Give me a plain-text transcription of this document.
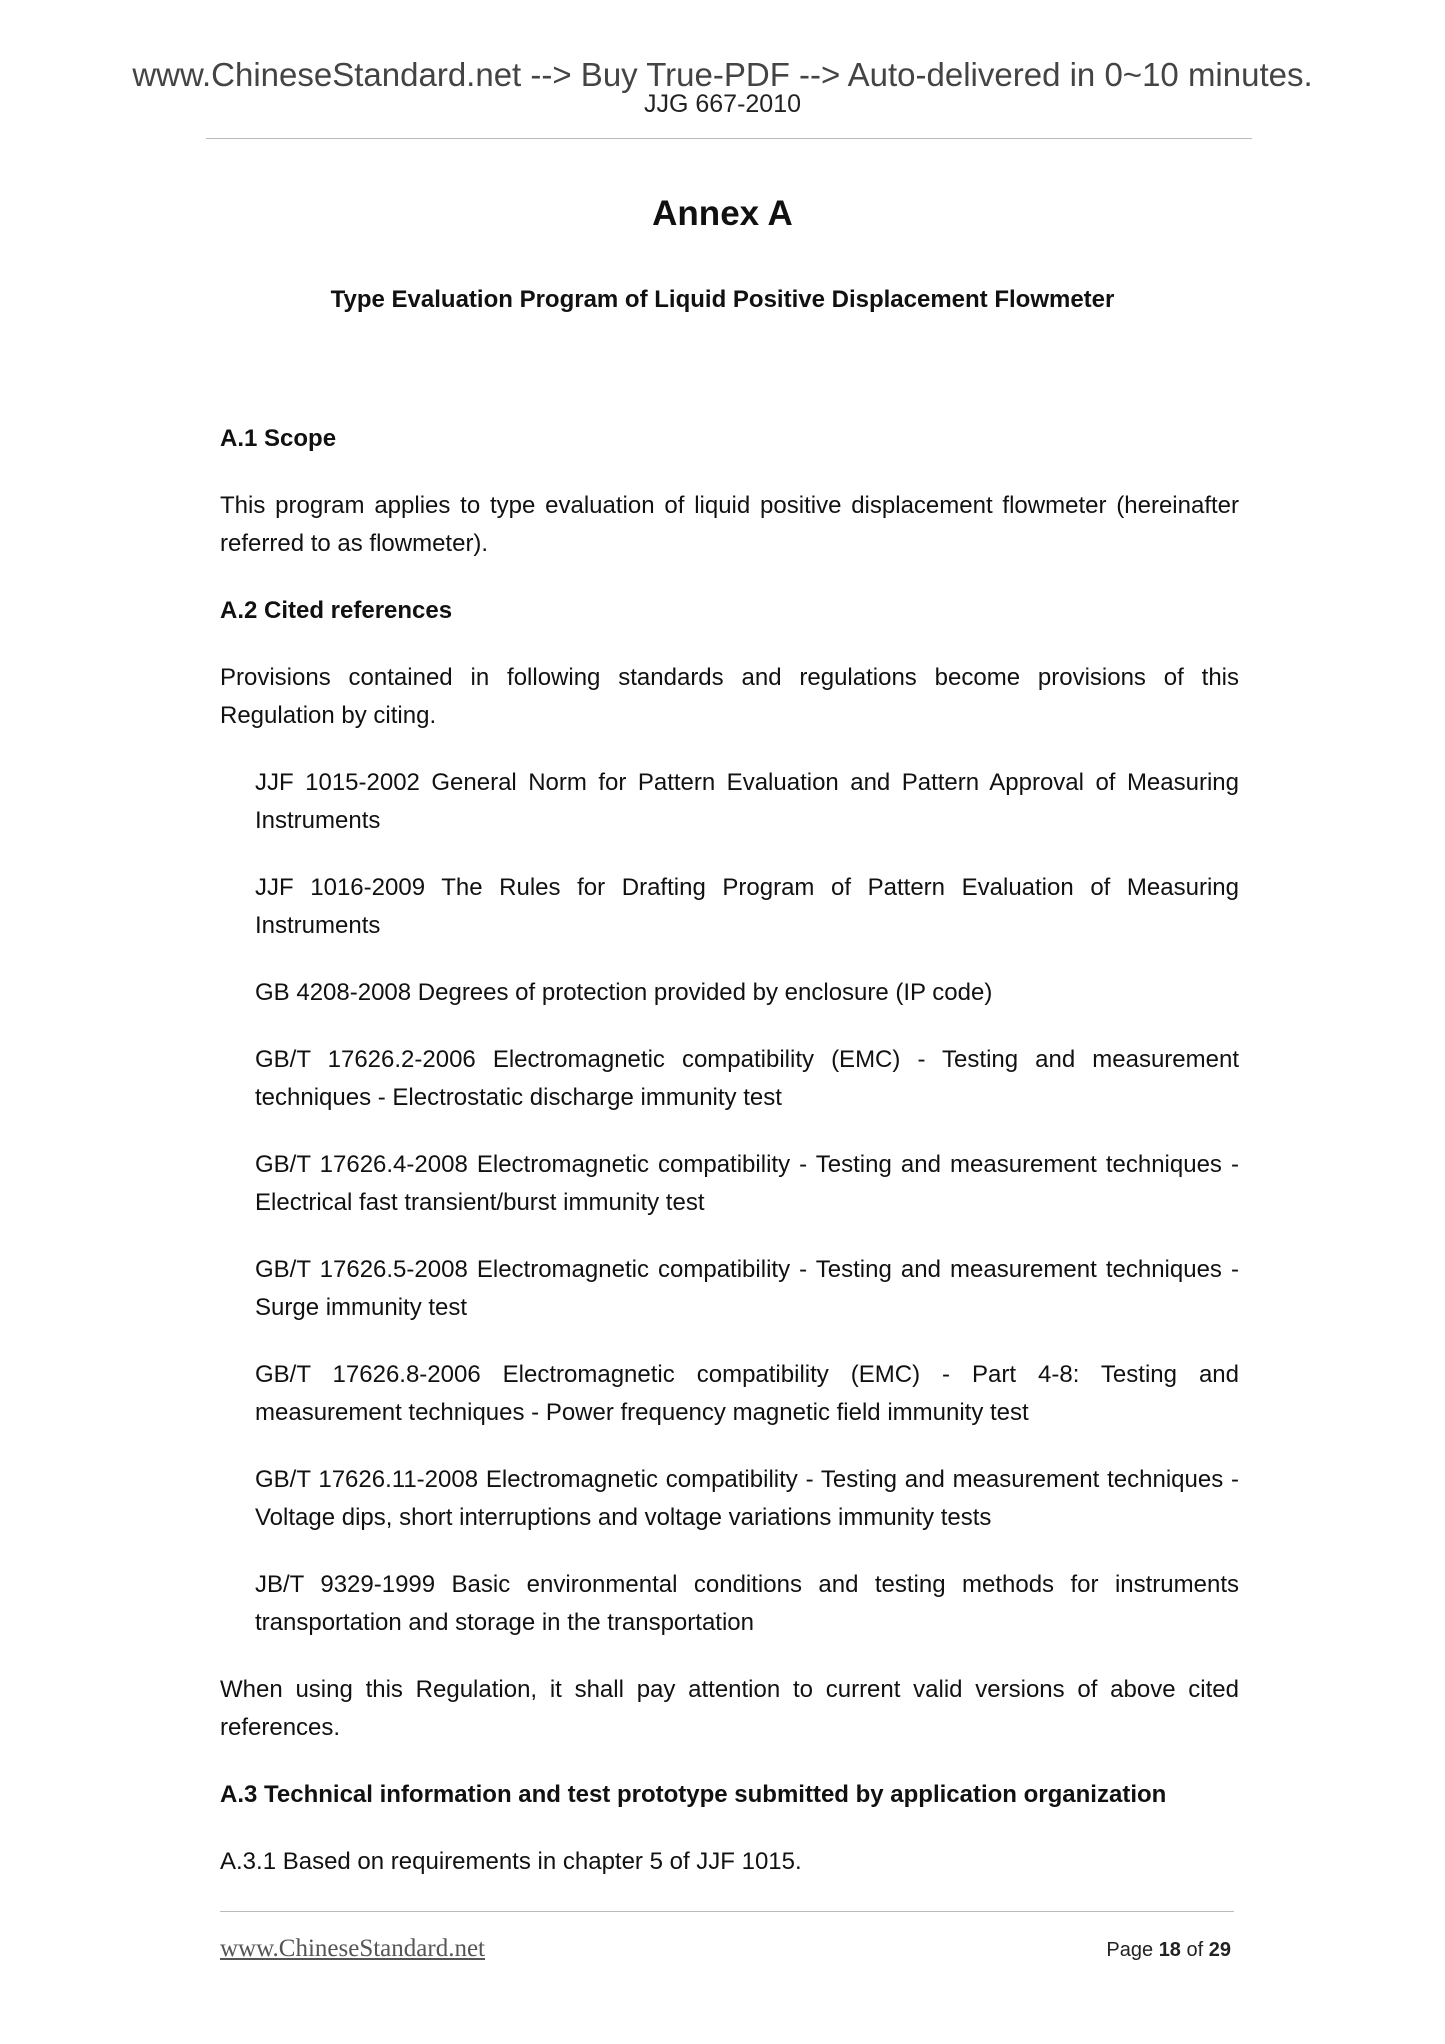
www.ChineseStandard.net --> Buy True-PDF --> Auto-delivered in 0~10 minutes.
JJG 667-2010
Annex A
Type Evaluation Program of Liquid Positive Displacement Flowmeter

A.1 Scope

This program applies to type evaluation of liquid positive displacement flowmeter (hereinafter referred to as flowmeter).

A.2 Cited references

Provisions contained in following standards and regulations become provisions of this Regulation by citing.

JJF 1015-2002 General Norm for Pattern Evaluation and Pattern Approval of Measuring Instruments

JJF 1016-2009 The Rules for Drafting Program of Pattern Evaluation of Measuring Instruments

GB 4208-2008 Degrees of protection provided by enclosure (IP code)

GB/T 17626.2-2006 Electromagnetic compatibility (EMC) - Testing and measurement techniques - Electrostatic discharge immunity test

GB/T 17626.4-2008 Electromagnetic compatibility - Testing and measurement techniques - Electrical fast transient/burst immunity test

GB/T 17626.5-2008 Electromagnetic compatibility - Testing and measurement techniques - Surge immunity test

GB/T 17626.8-2006 Electromagnetic compatibility (EMC) - Part 4-8: Testing and measurement techniques - Power frequency magnetic field immunity test

GB/T 17626.11-2008 Electromagnetic compatibility - Testing and measurement techniques - Voltage dips, short interruptions and voltage variations immunity tests

JB/T 9329-1999 Basic environmental conditions and testing methods for instruments transportation and storage in the transportation

When using this Regulation, it shall pay attention to current valid versions of above cited references.

A.3 Technical information and test prototype submitted by application organization

A.3.1 Based on requirements in chapter 5 of JJF 1015.

www.ChineseStandard.net	Page 18 of 29
